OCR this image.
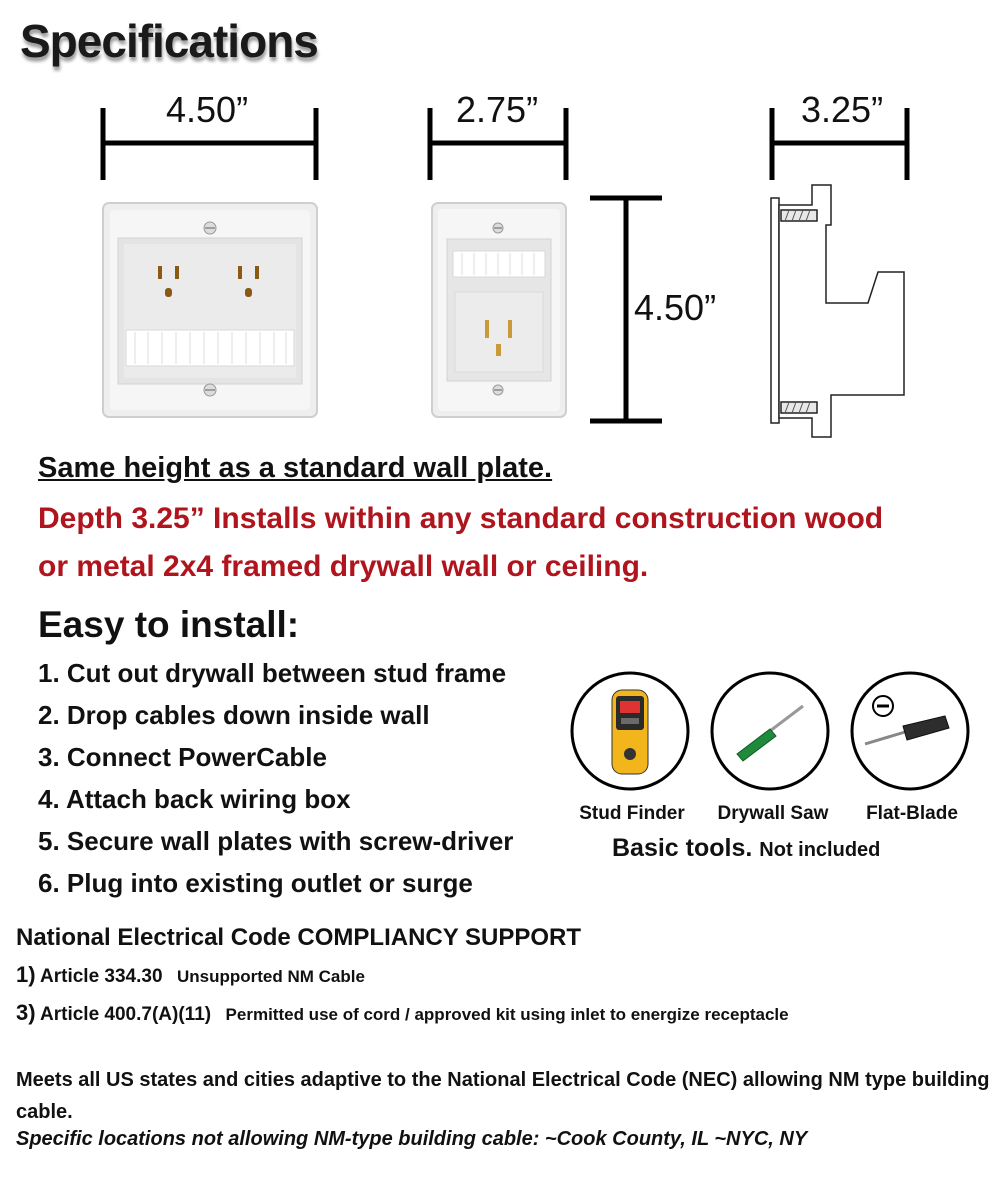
Specifications
4.50”	2.75”	3.25”
4.50”
Same height as a standard wall plate.
Depth 3.25” Installs within any standard construction wood
or metal 2x4 framed drywall wall or ceiling.
Easy to install:
1. Cut out drywall between stud frame
2. Drop cables down inside wall
3. Connect PowerCable
4. Attach back wiring box
5. Secure wall plates with screw-driver
6. Plug into existing outlet or surge
Stud Finder	Drywall Saw	Flat-Blade
Basic tools. Not included
National Electrical Code COMPLIANCY SUPPORT
1) Article 334.30 Unsupported NM Cable
3) Article 400.7(A)(11) Permitted use of cord / approved kit using inlet to energize receptacle
Meets all US states and cities adaptive to the National Electrical Code (NEC) allowing NM type building cable.
Specific locations not allowing NM-type building cable: ~Cook County, IL ~NYC, NY
